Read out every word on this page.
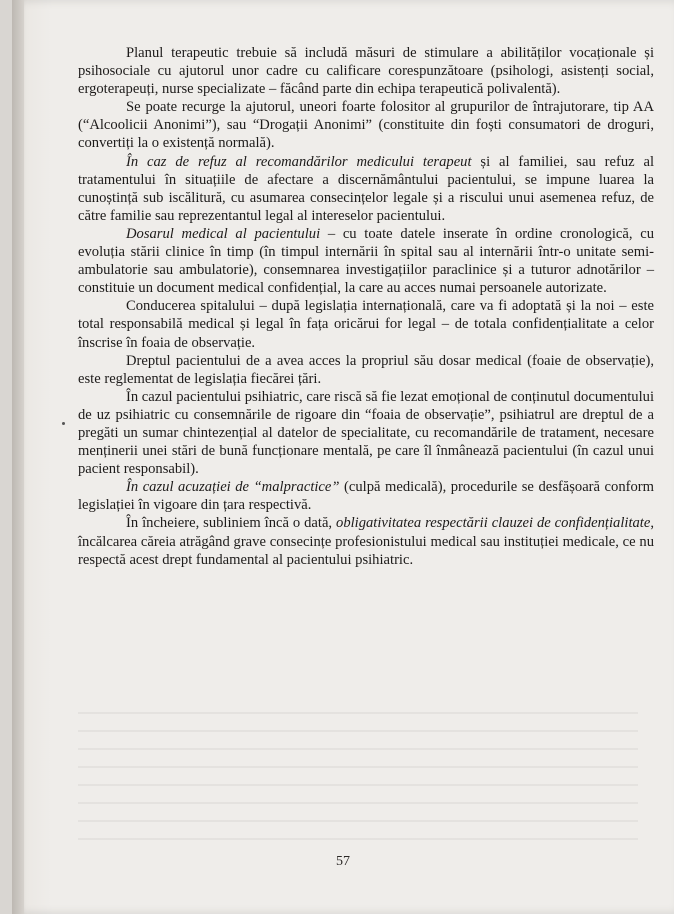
Planul terapeutic trebuie să includă măsuri de stimulare a abilităților vocaționale și psihosociale cu ajutorul unor cadre cu calificare corespunzătoare (psihologi, asistenți social, ergoterapeuți, nurse specializate – făcând parte din echipa terapeutică polivalentă).

Se poate recurge la ajutorul, uneori foarte folositor al grupurilor de întrajutorare, tip AA (“Alcoolicii Anonimi”), sau “Drogații Anonimi” (constituite din foști consumatori de droguri, convertiți la o existență normală).

În caz de refuz al recomandărilor medicului terapeut și al familiei, sau refuz al tratamentului în situațiile de afectare a discernământului pacientului, se impune luarea la cunoștință sub iscălitură, cu asumarea consecințelor legale și a riscului unui asemenea refuz, de către familie sau reprezentantul legal al intereselor pacientului.

Dosarul medical al pacientului – cu toate datele inserate în ordine cronologică, cu evoluția stării clinice în timp (în timpul internării în spital sau al internării într-o unitate semi-ambulatorie sau ambulatorie), consemnarea investigațiilor paraclinice și a tuturor adnotărilor – constituie un document medical confidențial, la care au acces numai persoanele autorizate.

Conducerea spitalului – după legislația internațională, care va fi adoptată și la noi – este total responsabilă medical și legal în fața oricărui for legal – de totala confidențialitate a celor înscrise în foaia de observație.

Dreptul pacientului de a avea acces la propriul său dosar medical (foaie de observație), este reglementat de legislația fiecărei țări.

În cazul pacientului psihiatric, care riscă să fie lezat emoțional de conținutul documentului de uz psihiatric cu consemnările de rigoare din “foaia de observație”, psihiatrul are dreptul de a pregăti un sumar chintezențial al datelor de specialitate, cu recomandările de tratament, necesare menținerii unei stări de bună funcționare mentală, pe care îl înmânează pacientului (în cazul unui pacient responsabil).

În cazul acuzației de “malpractice” (culpă medicală), procedurile se desfășoară conform legislației în vigoare din țara respectivă.

În încheiere, subliniem încă o dată, obligativitatea respectării clauzei de confidențialitate, încălcarea căreia atrăgând grave consecințe profesionistului medical sau instituției medicale, ce nu respectă acest drept fundamental al pacientului psihiatric.

57
